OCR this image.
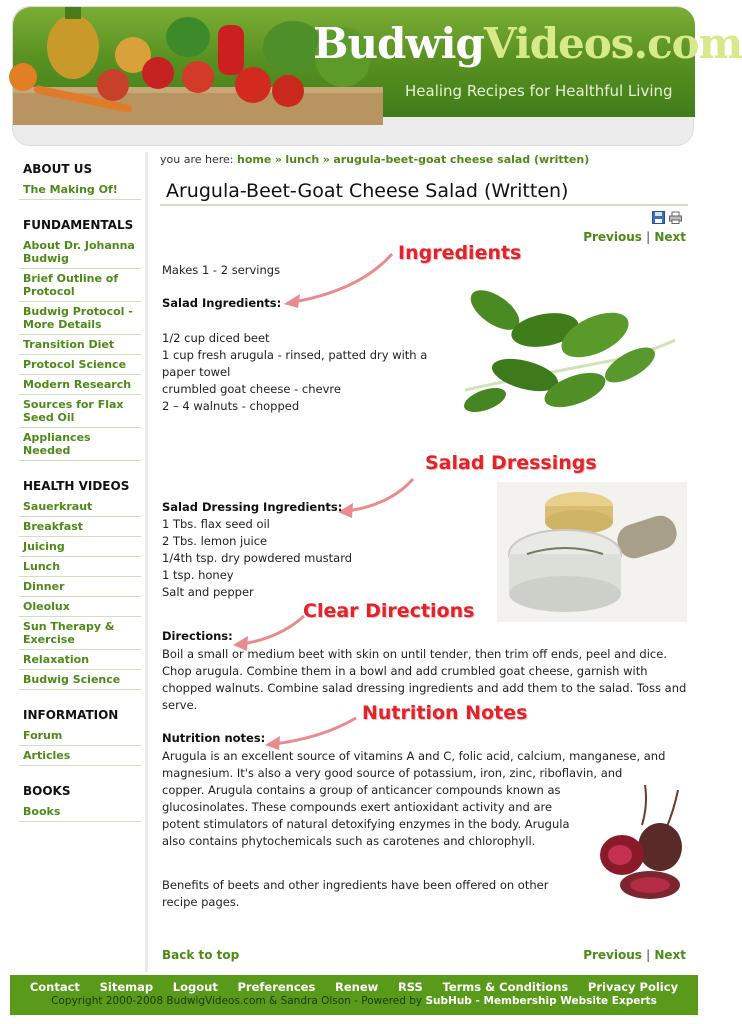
BudwigVideos.com
Healing Recipes for Healthful Living
ABOUT US
The Making Of!
FUNDAMENTALS
About Dr. Johanna Budwig
Brief Outline of Protocol
Budwig Protocol - More Details
Transition Diet
Protocol Science
Modern Research
Sources for Flax Seed Oil
Appliances Needed
HEALTH VIDEOS
Sauerkraut
Breakfast
Juicing
Lunch
Dinner
Oleolux
Sun Therapy & Exercise
Relaxation
Budwig Science
INFORMATION
Forum
Articles
BOOKS
Books
you are here: home » lunch » arugula-beet-goat cheese salad (written)
Arugula-Beet-Goat Cheese Salad (Written)
Previous | Next
Makes 1 - 2 servings
Salad Ingredients:
1/2 cup diced beet
1 cup fresh arugula - rinsed, patted dry with a
paper towel
crumbled goat cheese - chevre
2 – 4 walnuts - chopped
Ingredients
Salad Dressings
Salad Dressing Ingredients:
1 Tbs. flax seed oil
2 Tbs. lemon juice
1/4th tsp. dry powdered mustard
1 tsp. honey
Salt and pepper
Clear Directions
Directions:
Boil a small or medium beet with skin on until tender, then trim off ends, peel and dice. Chop arugula. Combine them in a bowl and add crumbled goat cheese, garnish with chopped walnuts. Combine salad dressing ingredients and add them to the salad. Toss and serve.	Nutrition Notes
Nutrition notes:
Arugula is an excellent source of vitamins A and C, folic acid, calcium, manganese, and
magnesium. It's also a very good source of potassium, iron, zinc, riboflavin, and
copper. Arugula contains a group of anticancer compounds known as
glucosinolates. These compounds exert antioxidant activity and are
potent stimulators of natural detoxifying enzymes in the body. Arugula
also contains phytochemicals such as carotenes and chlorophyll.
Benefits of beets and other ingredients have been offered on other
recipe pages.
Back to top	Previous | Next
Contact Sitemap Logout Preferences Renew RSS Terms & Conditions Privacy Policy
Copyright 2000-2008 BudwigVideos.com & Sandra Olson - Powered by SubHub - Membership Website Experts
